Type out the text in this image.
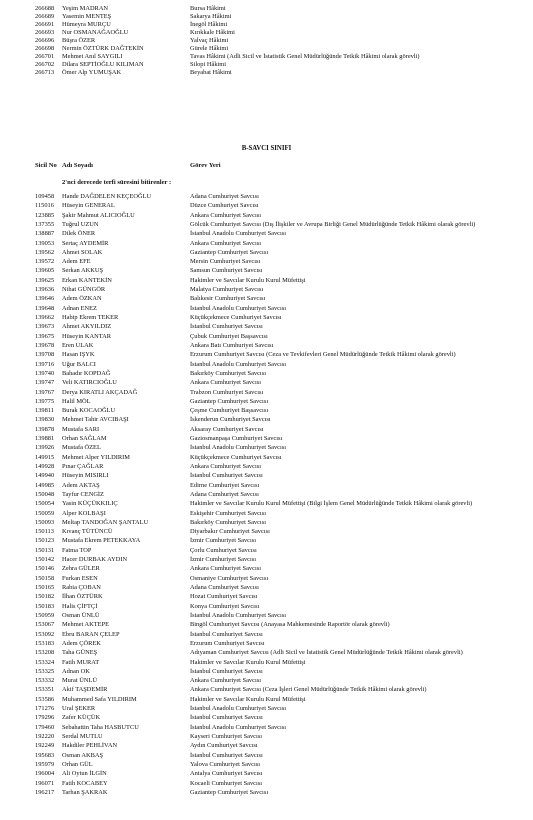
266688 Yeşim MADRAN	Bursa Hâkimi
266689 Yasemin MENTEŞ	Sakarya Hâkimi
266691 Hümeyra MURÇU	İnegöl Hâkimi
266693 Nur OSMANAĞAOĞLU	Kırıkkale Hâkimi
266696 Büşra ÖZER	Yalvaç Hâkimi
266698 Nermin ÖZTÜRK DAĞTEKİN	Gürele Hâkimi
266701 Mehmet Anıl SAYGILI	Tavas Hâkimi (Adli Sicil ve İstatistik Genel Müdürlüğünde Tetkik Hâkimi olarak görevli)
266702 Dilara SEPTİOĞLU KILIMAN	Silopi Hâkimi
266713 Ömer Alp YUMUŞAK	Beyabat Hâkimi
B-SAVCI SINIFI
Sicil No Adı Soyadı	Görev Yeri
2'nci derecede terfi süresini bitirenler :
109458 Hande DAĞDELEN KEÇEOĞLU	Adana Cumhuriyet Savcısı
115016 Hüseyin GENERAL	Düzce Cumhuriyet Savcısı
123885 Şakir Mahmut ALICIOĞLU	Ankara Cumhuriyet Savcısı
137355 Tuğrul UZUN	Gölcük Cumhuriyet Savcısı (Dış İlişkiler ve Avrupa Birliği Genel Müdürlüğünde Tetkik Hâkimi olarak görevli)
138887 Dilek ÖNER	İstanbul Anadolu Cumhuriyet Savcısı
139053 Sertaç AYDEMİR	Ankara Cumhuriyet Savcısı
139562 Ahmet SOLAK	Gaziantep Cumhuriyet Savcısı
139572 Adem EFE	Mersin Cumhuriyet Savcısı
139605 Serkan AKKUŞ	Samsun Cumhuriyet Savcısı
139625 Erkan KANTEKİN	Hakimler ve Savcılar Kurulu Kurul Müfettişi
139636 Nihat GÜNGÖR	Malatya Cumhuriyet Savcısı
139646 Adem ÖZKAN	Balıkesir Cumhuriyet Savcısı
139648 Adnan ENEZ	İstanbul Anadolu Cumhuriyet Savcısı
139662 Habip Ekrem TEKER	Küçükçekmece Cumhuriyet Savcısı
139673 Ahmet AKYILDIZ	İstanbul Cumhuriyet Savcısı
139675 Hüseyin KANTAR	Çubuk Cumhuriyet Başsavcısı
139678 Eren ULAK	Ankara Batı Cumhuriyet Savcısı
139708 Hasan IŞYK	Erzurum Cumhuriyet Savcısı (Ceza ve Tevkifevleri Genel Müdürlüğünde Tetkik Hâkimi olarak görevli)
139716 Uğur BALCI	İstanbul Anadolu Cumhuriyet Savcısı
139740 Bahadır KOPDAĞ	Bakırköy Cumhuriyet Savcısı
139747 Veli KATIRCIOĞLU	Ankara Cumhuriyet Savcısı
139767 Derya KIRATLI AKÇADAĞ	Trabzon Cumhuriyet Savcısı
139775 Halil MÖL	Gaziantep Cumhuriyet Savcısı
139811 Burak KOCAOĞLU	Çeşme Cumhuriyet Başsavcısı
139830 Mehmet Tahir AVCIBAŞI	İskenderun Cumhuriyet Savcısı
139878 Mustafa SARI	Aksaray Cumhuriyet Savcısı
139881 Orhan SAĞLAM	Gaziosmanpaşa Cumhuriyet Savcısı
139926 Mustafa ÖZEL	İstanbul Anadolu Cumhuriyet Savcısı
149915 Mehmet Alper YILDIRIM	Küçükçekmece Cumhuriyet Savcısı
149928 Pınar ÇAĞLAR	Ankara Cumhuriyet Savcısı
149940 Hüseyin MISIRLI	İstanbul Cumhuriyet Savcısı
149985 Adem AKTAŞ	Edirne Cumhuriyet Savcısı
150048 Tayfur CENGİZ	Adana Cumhuriyet Savcısı
150054 Yasin KÜÇÜKKILIÇ	Hakimler ve Savcılar Kurulu Kurul Müfettişi (Bilgi İşlem Genel Müdürlüğünde Tetkik Hâkimi olarak görevli)
150059 Alper KOLBAŞI	Eskişehir Cumhuriyet Savcısı
150093 Meltap TANDOĞAN ŞANTALU	Bakırköy Cumhuriyet Savcısı
150113 Kıvanç TÜTÜNCÜ	Diyarbakır Cumhuriyet Savcısı
150123 Mustafa Ekrem PETEKKAYA	İzmir Cumhuriyet Savcısı
150131 Fatma TOP	Çorlu Cumhuriyet Savcısı
150142 Hacer DURBAK AYDIN	İzmir Cumhuriyet Savcısı
150146 Zehra GÜLER	Ankara Cumhuriyet Savcısı
150158 Furkan ESEN	Osmaniye Cumhuriyet Savcısı
150165 Rabia ÇOBAN	Adana Cumhuriyet Savcısı
150182 İlhan ÖZTÜRK	Hozat Cumhuriyet Savcısı
150183 Halis ÇİFTÇİ	Konya Cumhuriyet Savcısı
150959 Osman ÜNLÜ	İstanbul Anadolu Cumhuriyet Savcısı
153067 Mehmet AKTEPE	Bingöl Cumhuriyet Savcısı (Anayasa Mahkemesinde Raportör olarak görevli)
153092 Ebru BARAN ÇELEP	İstanbul Cumhuriyet Savcısı
153183 Adem ÇÖREK	Erzurum Cumhuriyet Savcısı
153208 Taha GÜNEŞ	Adıyaman Cumhuriyet Savcısı (Adli Sicil ve İstatistik Genel Müdürlüğünde Tetkik Hâkimi olarak görevli)
153324 Fatih MURAT	Hakimler ve Savcılar Kurulu Kurul Müfettişi
153325 Adnan OK	İstanbul Cumhuriyet Savcısı
153332 Murat ÜNLÜ	Ankara Cumhuriyet Savcısı
153351 Akif TAŞDEMİR	Ankara Cumhuriyet Savcısı (Ceza İşleri Genel Müdürlüğünde Tetkik Hâkimi olarak görevli)
153586 Muhammed Safa YILDIRIM	Hakimler ve Savcılar Kurulu Kurul Müfettişi
171276 Ural ŞEKER	İstanbul Anadolu Cumhuriyet Savcısı
179296 Zafer KÜÇÜK	İstanbul Cumhuriyet Savcısı
179460 Sebahattin Taha HASBUTCU	İstanbul Anadolu Cumhuriyet Savcısı
192220 Serdal MUTLU	Kayseri Cumhuriyet Savcısı
192249 Hakdiler PEHLİVAN	Aydın Cumhuriyet Savcısı
195683 Osman AKBAŞ	İstanbul Cumhuriyet Savcısı
195979 Orhan GÜL	Yalova Cumhuriyet Savcısı
196004 Ali Oytun İLGİN	Antalya Cumhuriyet Savcısı
196071 Fatih KOCABEY	Kocaeli Cumhuriyet Savcısı
196217 Tarhan ŞAKRAK	Gaziantep Cumhuriyet Savcısı
